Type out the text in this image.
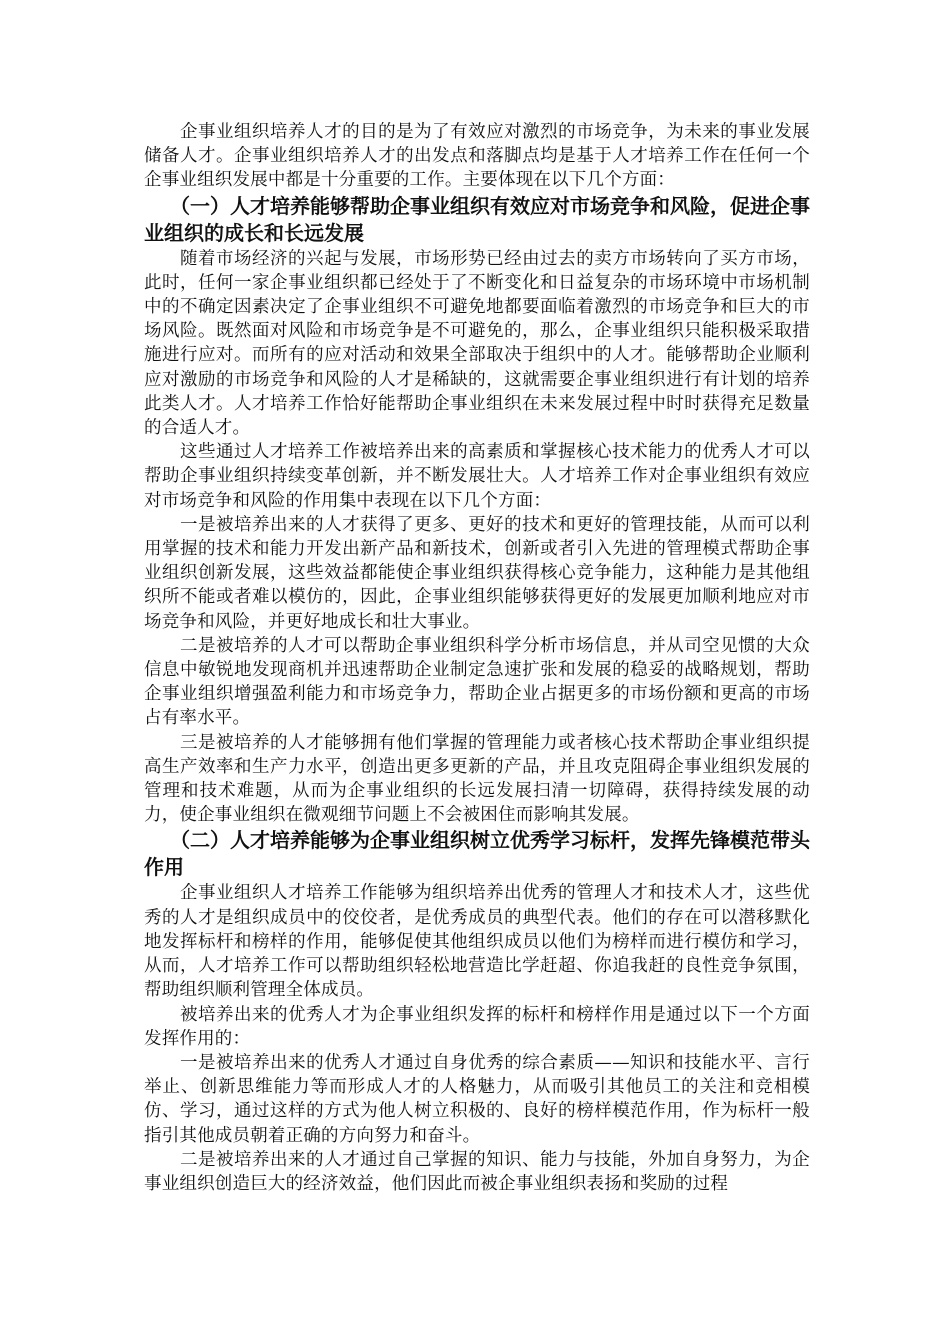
企事业组织培养人才的目的是为了有效应对激烈的市场竞争，为未来的事业发展储备人才。企事业组织培养人才的出发点和落脚点均是基于人才培养工作在任何一个企事业组织发展中都是十分重要的工作。主要体现在以下几个方面：

（一）人才培养能够帮助企事业组织有效应对市场竞争和风险，促进企事业组织的成长和长远发展

随着市场经济的兴起与发展，市场形势已经由过去的卖方市场转向了买方市场，此时，任何一家企事业组织都已经处于了不断变化和日益复杂的市场环境中市场机制中的不确定因素决定了企事业组织不可避免地都要面临着激烈的市场竞争和巨大的市场风险。既然面对风险和市场竞争是不可避免的，那么，企事业组织只能积极采取措施进行应对。而所有的应对活动和效果全部取决于组织中的人才。能够帮助企业顺利应对激励的市场竞争和风险的人才是稀缺的，这就需要企事业组织进行有计划的培养此类人才。人才培养工作恰好能帮助企事业组织在未来发展过程中时时获得充足数量的合适人才。

这些通过人才培养工作被培养出来的高素质和掌握核心技术能力的优秀人才可以帮助企事业组织持续变革创新，并不断发展壮大。人才培养工作对企事业组织有效应对市场竞争和风险的作用集中表现在以下几个方面：

一是被培养出来的人才获得了更多、更好的技术和更好的管理技能，从而可以利用掌握的技术和能力开发出新产品和新技术，创新或者引入先进的管理模式帮助企事业组织创新发展，这些效益都能使企事业组织获得核心竞争能力，这种能力是其他组织所不能或者难以模仿的，因此，企事业组织能够获得更好的发展更加顺利地应对市场竞争和风险，并更好地成长和壮大事业。

二是被培养的人才可以帮助企事业组织科学分析市场信息，并从司空见惯的大众信息中敏锐地发现商机并迅速帮助企业制定急速扩张和发展的稳妥的战略规划，帮助企事业组织增强盈利能力和市场竞争力，帮助企业占据更多的市场份额和更高的市场占有率水平。

三是被培养的人才能够拥有他们掌握的管理能力或者核心技术帮助企事业组织提高生产效率和生产力水平，创造出更多更新的产品，并且攻克阻碍企事业组织发展的管理和技术难题，从而为企事业组织的长远发展扫清一切障碍，获得持续发展的动力，使企事业组织在微观细节问题上不会被困住而影响其发展。

（二）人才培养能够为企事业组织树立优秀学习标杆，发挥先锋模范带头作用

企事业组织人才培养工作能够为组织培养出优秀的管理人才和技术人才，这些优秀的人才是组织成员中的佼佼者，是优秀成员的典型代表。他们的存在可以潜移默化地发挥标杆和榜样的作用，能够促使其他组织成员以他们为榜样而进行模仿和学习，从而，人才培养工作可以帮助组织轻松地营造比学赶超、你追我赶的良性竞争氛围，帮助组织顺利管理全体成员。

被培养出来的优秀人才为企事业组织发挥的标杆和榜样作用是通过以下一个方面发挥作用的：

一是被培养出来的优秀人才通过自身优秀的综合素质——知识和技能水平、言行举止、创新思维能力等而形成人才的人格魅力，从而吸引其他员工的关注和竞相模仿、学习，通过这样的方式为他人树立积极的、良好的榜样模范作用，作为标杆一般指引其他成员朝着正确的方向努力和奋斗。

二是被培养出来的人才通过自己掌握的知识、能力与技能，外加自身努力，为企事业组织创造巨大的经济效益，他们因此而被企事业组织表扬和奖励的过程
